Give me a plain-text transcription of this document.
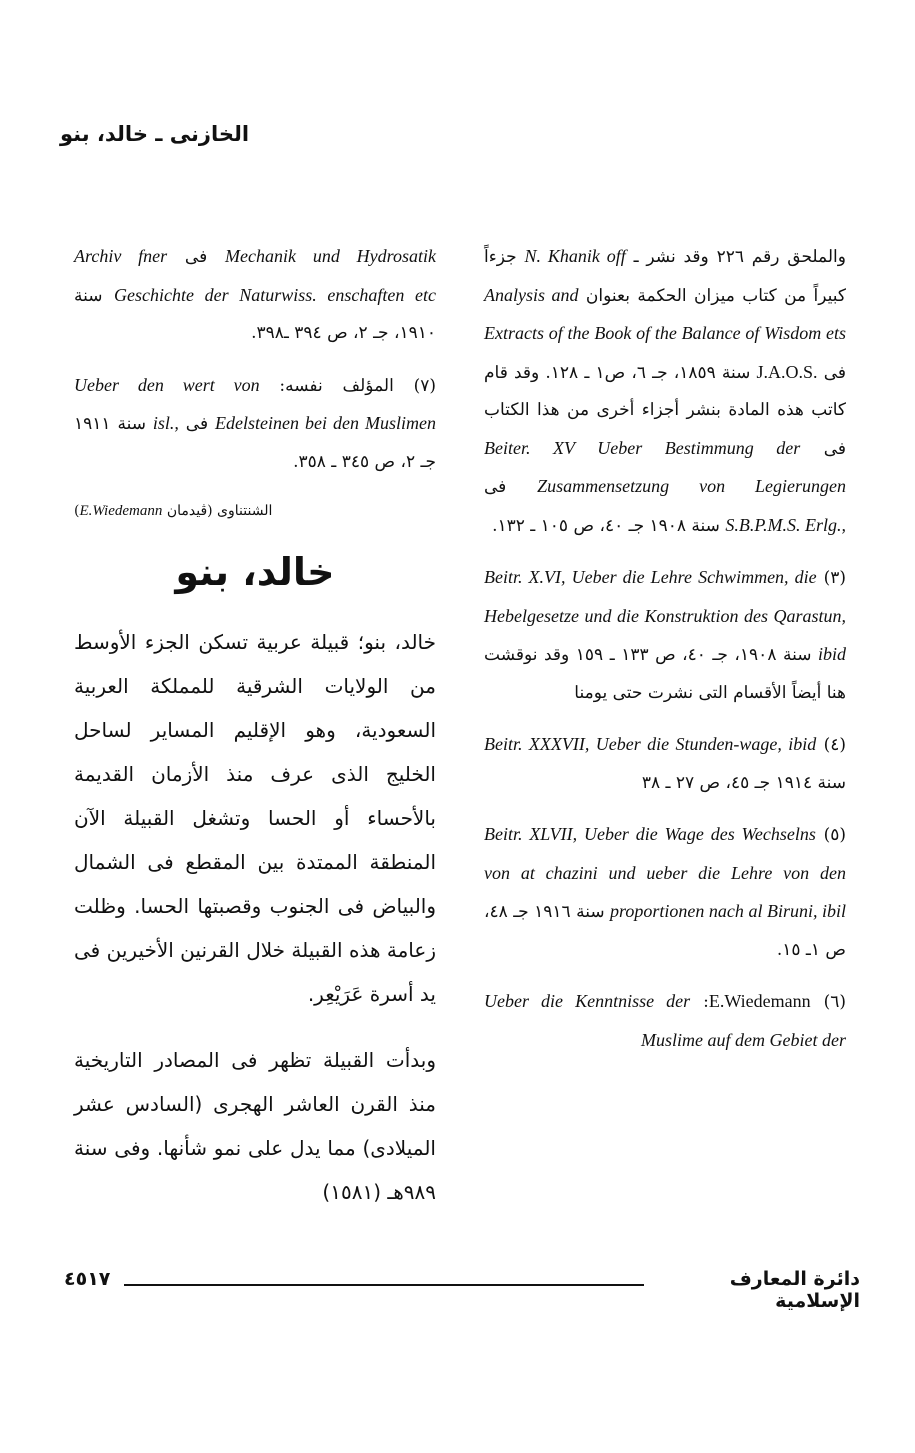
الخازنى ـ خالد، بنو

والملحق رقم ٢٢٦ وقد نشر ـ N. Khanik off جزءاً كبيراً من كتاب ميزان الحكمة بعنوان Analysis and Extracts of the Book of the Balance of Wisdom ets فى J.A.O.S. سنة ١٨٥٩، جـ ٦، ص١ ـ ١٢٨. وقد قام كاتب هذه المادة بنشر أجزاء أخرى من هذا الكتاب فى Beiter. XV Ueber Bestimmung der Zusammensetzung von Legierungen فى S.B.P.M.S. Erlg., سنة ١٩٠٨ جـ ٤٠، ص ١٠٥ ـ ١٣٢.

(٣) Beitr. X.VI, Ueber die Lehre Schwimmen, die Hebelgesetze und die Konstruktion des Qarastun, ibid سنة ١٩٠٨، جـ ٤٠، ص ١٣٣ ـ ١٥٩ وقد نوقشت هنا أيضاً الأقسام التى نشرت حتى يومنا

(٤) Beitr. XXXVII, Ueber die Stunden-wage, ibid سنة ١٩١٤ جـ ٤٥، ص ٢٧ ـ ٣٨

(٥) Beitr. XLVII, Ueber die Wage des Wechselns von at chazini und ueber die Lehre von den proportionen nach al Biruni, ibil سنة ١٩١٦ جـ ٤٨، ص ١ـ ١٥.

(٦) E.Wiedemann: Ueber die Kenntnisse der Muslime auf dem Gebiet der

Mechanik und Hydrosatik فى Archiv fner Geschichte der Naturwiss. enschaften etc سنة ١٩١٠، جـ ٢، ص ٣٩٤ ـ٣٩٨.

(٧) المؤلف نفسه: Ueber den wert von Edelsteinen bei den Muslimen فى isl., سنة ١٩١١ جـ ٢، ص ٣٤٥ ـ ٣٥٨.

الشنتناوى (ڤيدمان E.Wiedemann)

خالد، بنو

خالد، بنو؛ قبيلة عربية تسكن الجزء الأوسط من الولايات الشرقية للمملكة العربية السعودية، وهو الإقليم المساير لساحل الخليج الذى عرف منذ الأزمان القديمة بالأحساء أو الحسا وتشغل القبيلة الآن المنطقة الممتدة بين المقطع فى الشمال والبياض فى الجنوب وقصبتها الحسا. وظلت زعامة هذه القبيلة خلال القرنين الأخيرين فى يد أسرة عَرَيْعِر.

وبدأت القبيلة تظهر فى المصادر التاريخية منذ القرن العاشر الهجرى (السادس عشر الميلادى) مما يدل على نمو شأنها. وفى سنة ٩٨٩هـ (١٥٨١)

دائرة المعارف الإسلامية
٤٥١٧
